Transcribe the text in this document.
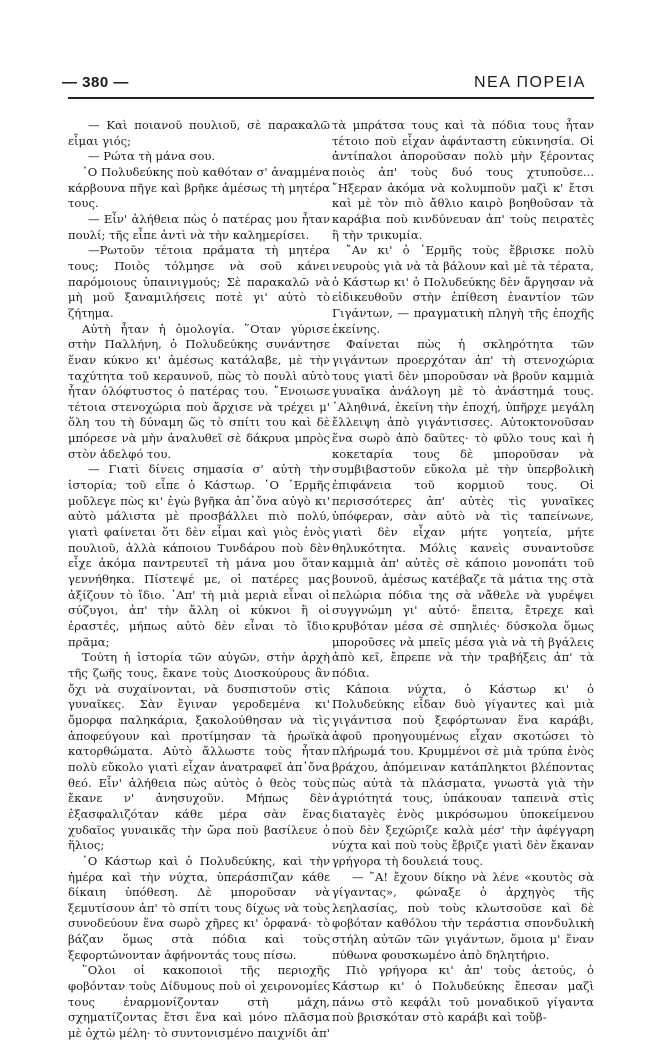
— 380 —	ΝΕΑ ΠΟΡΕΙΑ

— Καὶ ποιανοῦ πουλιοῦ, σὲ παρακαλῶ εἶμαι γιός;

— Ρώτα τὴ μάνα σου.

῾Ο Πολυδεύκης ποὺ καθόταν σ' ἀναμμένα κάρβουνα πῆγε καὶ βρῆκε ἀμέσως τὴ μητέρα τους.

— Εἶν' ἀλήθεια πὼς ὁ πατέρας μου ἦταν πουλί; τῆς εἶπε ἀντὶ νὰ τὴν καλημερίσει.

—Ρωτοῦν τέτοια πράματα τὴ μητέρα τους; Ποιὸς τόλμησε νὰ σοῦ κάνει παρόμοιους ὑπαινιγμούς; Σὲ παρακαλῶ νὰ μὴ μοῦ ξαναμιλήσεις ποτὲ γι' αὐτὸ τὸ ζήτημα.

Αὐτὴ ἦταν ἡ ὁμολογία. ῞Οταν γύρισε στὴν Παλλήνη, ὁ Πολυδεύκης συνάντησε ἕναν κύκνο κι' ἀμέσως κατάλαβε, μὲ τὴν ταχύτητα τοῦ κεραυνοῦ, πὼς τὸ πουλὶ αὐτὸ ἦταν ὁλόφτυστος ὁ πατέρας του. ῎Ενοιωσε τέτοια στενοχώρια ποὺ ἄρχισε νὰ τρέχει μ' ὅλη του τὴ δύναμη ὥς τὸ σπίτι του καὶ δὲ μπόρεσε νὰ μὴν ἀναλυθεῖ σὲ δάκρυα μπρὸς στὸν ἀδελφό του.

— Γιατὶ δίνεις σημασία σ' αὐτὴ τὴν ἱστορία; τοῦ εἶπε ὁ Κάστωρ. ῾Ο ῾Ερμῆς μοὔλεγε πὼς κι' ἐγὼ βγῆκα ἀπ᾿ὄνα αὐγὸ κι' αὐτὸ μάλιστα μὲ προσβάλλει πιὸ πολύ, γιατὶ φαίνεται ὅτι δὲν εἶμαι καὶ γιὸς ἑνὸς πουλιοῦ, ἀλλὰ κάποιου Τυνδάρου ποὺ δὲν εἶχε ἀκόμα παντρευτεῖ τὴ μάνα μου ὅταν γεννήθηκα. Πίστεψέ με, οἱ πατέρες μας ἀξίζουν τὸ ἴδιο. ᾿Απ' τὴ μιὰ μεριὰ εἶναι οἱ σύζυγοι, ἀπ' τὴν ἄλλη οἱ κύκνοι ἢ οἱ ἐραστές, μήπως αὐτὸ δὲν εἶναι τὸ ἴδιο πρᾶμα;

Τούτη ἡ ἱστορία τῶν αὐγῶν, στὴν ἀρχὴ τῆς ζωῆς τους, ἔκανε τοὺς Διοσκούρους ἂν ὄχι νὰ συχαίνονται, νὰ δυσπιστοῦν στὶς γυναῖκες. Σὰν ἔγιναν γεροδεμένα κι' ὄμορφα παληκάρια, ξακολούθησαν νὰ τὶς ἀποφεύγουν καὶ προτίμησαν τὰ ἡρωϊκὰ κατορθώματα. Αὐτὸ ἄλλωστε τοὺς ἦταν πολὺ εὔκολο γιατὶ εἶχαν ἀνατραφεῖ ἀπ᾿ὄνα θεό. Εἶν' ἀλήθεια πὼς αὐτὸς ὁ θεὸς τοὺς ἔκανε ν' ἀνησυχοῦν. Μήπως δὲν ἐξασφαλιζόταν κάθε μέρα σὰν ἕνας χυδαῖος γυναικᾶς τὴν ὥρα ποὺ βασίλευε ὁ ἥλιος;

῾Ο Κάστωρ καὶ ὁ Πολυδεύκης, καὶ τὴν ἡμέρα καὶ τὴν νύχτα, ὑπεράσπιζαν κάθε δίκαιη ὑπόθεση. Δὲ μποροῦσαν νὰ ξεμυτίσουν ἀπ' τὸ σπίτι τους δίχως νὰ τοὺς συνοδεύουν ἕνα σωρὸ χῆρες κι' ὀρφανά· τὸ βάζαν ὅμως στὰ πόδια καὶ τοὺς ξεφορτώνονταν ἀφήνοντάς τους πίσω.

῞Ολοι οἱ κακοποιοὶ τῆς περιοχῆς φοβόνταν τοὺς Δίδυμους ποὺ οἱ χειρονομίες τους ἐναρμονίζονταν στὴ μάχη, σχηματίζοντας ἔτσι ἕνα καὶ μόνο πλᾶσμα μὲ ὀχτὼ μέλη· τὸ συντονισμένο παιχνίδι ἀπ'

τὰ μπράτσα τους καὶ τὰ πόδια τους ἦταν τέτοιο ποὺ εἶχαν ἀφάνταστη εὐκινησία. Οἱ ἀντίπαλοι ἀποροῦσαν πολὺ μὴν ξέροντας ποιὸς ἀπ' τοὺς δυό τους χτυποῦσε... ῎Ηξεραν ἀκόμα νὰ κολυμποῦν μαζὶ κ' ἔτσι καὶ μὲ τὸν πιὸ ἄθλιο καιρὸ βοηθοῦσαν τὰ καράβια ποὺ κινδύνευαν ἀπ' τοὺς πειρατὲς ἢ τὴν τρικυμία.

῎Αν κι' ὁ ῾Ερμῆς τοὺς ἔβρισκε πολὺ νευροὺς γιὰ νὰ τὰ βάλουν καὶ μὲ τὰ τέρατα, ὁ Κάστωρ κι' ὁ Πολυδεύκης δὲν ἄργησαν νὰ εἰδικευθοῦν στὴν ἐπίθεση ἐναντίον τῶν Γιγάντων, — πραγματικὴ πληγὴ τῆς ἐποχῆς ἐκείνης.

Φαίνεται πὼς ἡ σκληρότητα τῶν γιγάντων προερχόταν ἀπ' τὴ στενοχώρια τους γιατὶ δὲν μποροῦσαν νὰ βροῦν καμμιὰ γυναῖκα ἀνάλογη μὲ τὸ ἀνάστημά τους. ᾿Αληθινά, ἐκείνη τὴν ἐποχή, ὑπῆρχε μεγάλη ἔλλειψη ἀπὸ γιγάντισσες. Αὐτοκτονοῦσαν ἕνα σωρὸ ἀπὸ δαῦτες· τὸ φῦλο τους καὶ ἡ κοκεταρία τους δὲ μποροῦσαν νὰ συμβιβαστοῦν εὔκολα μὲ τὴν ὑπερβολικὴ ἐπιφάνεια τοῦ κορμιοῦ τους. Οἱ περισσότερες ἀπ' αὐτὲς τὶς γυναῖκες ὑπόφεραν, σὰν αὐτὸ νὰ τὶς ταπείνωνε, γιατὶ δὲν εἶχαν μήτε γοητεία, μήτε θηλυκότητα. Μόλις κανεὶς συναντοῦσε καμμιὰ ἀπ' αὐτὲς σὲ κάποιο μονοπάτι τοῦ βουνοῦ, ἀμέσως κατέβαζε τὰ μάτια της στὰ πελώρια πόδια της σὰ νἄθελε νὰ γυρέψει συγγνώμη γι' αὐτό· ἔπειτα, ἔτρεχε καὶ κρυβόταν μέσα σὲ σπηλιές· δύσκολα ὅμως μποροῦσες νὰ μπεῖς μέσα γιὰ νὰ τὴ βγάλεις ἀπὸ κεῖ, ἔπρεπε νὰ τὴν τραβήξεις ἀπ' τὰ πόδια.

Κάποια νύχτα, ὁ Κάστωρ κι' ὁ Πολυδεύκης εἶδαν δυὸ γίγαντες καὶ μιὰ γιγάντισα ποὺ ξεφόρτωναν ἕνα καράβι, ἀφοῦ προηγουμένως εἶχαν σκοτώσει τὸ πλήρωμά του. Κρυμμένοι σὲ μιὰ τρύπα ἑνὸς βράχου, ἀπόμειναν κατάπληκτοι βλέποντας πὼς αὐτὰ τὰ πλάσματα, γνωστὰ γιὰ τὴν ἀγριότητά τους, ὑπάκουαν ταπεινὰ στὶς διαταγὲς ἑνὸς μικρόσωμου ὑποκείμενου ποὺ δὲν ξεχώριζε καλὰ μέσ' τὴν ἀφέγγαρη νύχτα καὶ ποὺ τοὺς ἔβριζε γιατὶ δὲν ἔκαναν γρήγορα τὴ δουλειά τους.

— ῎Α! ἔχουν δίκηο νὰ λένε «κουτὸς σὰ γίγαντας», φώναξε ὁ ἀρχηγὸς τῆς λεηλασίας, ποὺ τοὺς κλωτσοῦσε καὶ δὲ φοβόταν καθόλου τὴν τεράστια σπονδυλικὴ στήλη αὐτῶν τῶν γιγάντων, ὅμοια μ' ἕναν πύθωνα φουσκωμένο ἀπὸ δηλητήριο.

Πιὸ γρήγορα κι' ἀπ' τοὺς ἀετούς, ὁ Κάστωρ κι' ὁ Πολυδεύκης ἔπεσαν μαζὶ πάνω στὸ κεφάλι τοῦ μοναδικοῦ γίγαντα ποὺ βρισκόταν στὸ καράβι καὶ τοὔβ-
